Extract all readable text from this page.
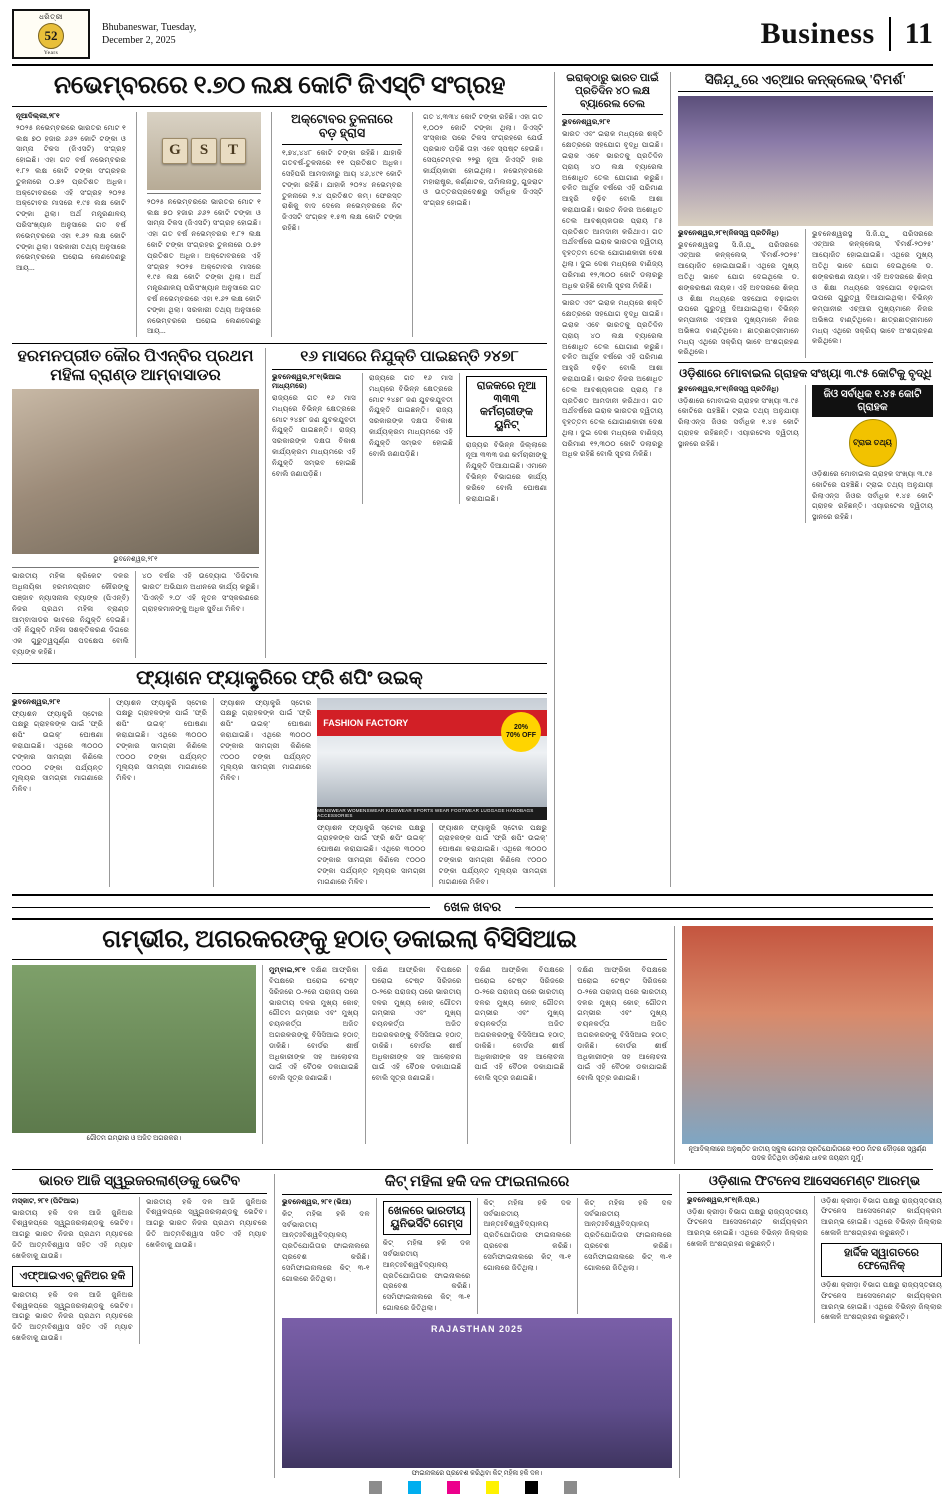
ଧରିତ୍ରୀ
52
Years
Bhubaneswar, Tuesday,
December 2, 2025	Business	11
ନଭେମ୍ବରରେ ୧.୭୦ ଲକ୍ଷ କୋଟି ଜିଏସ୍‌ଟି ସଂଗ୍ରହ
ନୂଆଦିଲ୍ଲୀ,୨୮୧
୨୦୨୫ ନଭେମ୍ବରରେ ଭାରତର ମୋଟ ୧ ଲକ୍ଷ ୭୦ ହଜାର ୬୬୨ କୋଟି ଟଙ୍କା ଓ ସାମ୍ନା ଟିକସ (ଜିଏସଟି) ସଂଗ୍ରହ ହୋଇଛି। ଏହା ଗତ ବର୍ଷ ନଭେମ୍ବରର ୧.୮୨ ଲକ୍ଷ କୋଟି ଟଙ୍କା ସଂଗ୍ରହର ତୁଳନାରେ ୦.୭୨ ପ୍ରତିଶତ ଅଧିକ। ଅକ୍ଟୋବରରେ ଏହି ସଂଗ୍ରହ ୨୦୨୫ ଅକ୍ଟୋବର ମାସରେ ୧.୯୫ ଲକ୍ଷ କୋଟି ଟଙ୍କା ଥିଲା। ଅର୍ଥ ମନ୍ତ୍ରଣାଳୟ ପରିସଂଖ୍ୟାନ ଅନୁସାରେ ଗତ ବର୍ଷ ନଭେମ୍ବରରେ ଏହା ୧.୬୨ ଲକ୍ଷ କୋଟି ଟଙ୍କା ଥିଲା। ସରକାରୀ ତଥ୍ୟ ଅନୁସାରେ ନଭେମ୍ବରରେ ଘରୋଇ ଲେଣଦେଣରୁ ଆୟ...
G	S	T
୨୦୨୫ ନଭେମ୍ବରରେ ଭାରତର ମୋଟ ୧ ଲକ୍ଷ ୭୦ ହଜାର ୬୬୨ କୋଟି ଟଙ୍କା ଓ ସାମ୍ନା ଟିକସ (ଜିଏସଟି) ସଂଗ୍ରହ ହୋଇଛି। ଏହା ଗତ ବର୍ଷ ନଭେମ୍ବରର ୧.୮୨ ଲକ୍ଷ କୋଟି ଟଙ୍କା ସଂଗ୍ରହର ତୁଳନାରେ ୦.୭୨ ପ୍ରତିଶତ ଅଧିକ। ଅକ୍ଟୋବରରେ ଏହି ସଂଗ୍ରହ ୨୦୨୫ ଅକ୍ଟୋବର ମାସରେ ୧.୯୫ ଲକ୍ଷ କୋଟି ଟଙ୍କା ଥିଲା। ଅର୍ଥ ମନ୍ତ୍ରଣାଳୟ ପରିସଂଖ୍ୟାନ ଅନୁସାରେ ଗତ ବର୍ଷ ନଭେମ୍ବରରେ ଏହା ୧.୬୨ ଲକ୍ଷ କୋଟି ଟଙ୍କା ଥିଲା। ସରକାରୀ ତଥ୍ୟ ଅନୁସାରେ ନଭେମ୍ବରରେ ଘରୋଇ ଲେଣଦେଣରୁ ଆୟ...
ଅକ୍ଟୋବର ତୁଳନାରେ ବଡ଼ ହ୍ରାସ
୧,୭୪,୪୪୮ କୋଟି ଟଙ୍କା ରହିଛି। ଯାହାକି ଗତବର୍ଷ-ତୁଳନାରେ ୧୧ ପ୍ରତିଶତ ଅଧିକ। ସେହିପରି ଆମଦାନୀରୁ ଆୟ ୪୬,୪୯୧ କୋଟି ଟଙ୍କା ରହିଛି। ଯାହାକି ୨୦୨୪ ନଭେମ୍ବର ତୁଳନାରେ ୨.୪ ପ୍ରତିଶତ କମ୍‌। ଫେରସ୍ତ ରାଶିକୁ ବାଦ ଦେଲେ ନଭେମ୍ବରରେ ନିଟ ଜିଏସଟି ସଂଗ୍ରହ ୧.୫୩ ଲକ୍ଷ କୋଟି ଟଙ୍କା ରହିଛି।
ଗତ ୪,୩୩୪ କୋଟି ଟଙ୍କା ରହିଛି। ଏହା ଗତ ୧,୦୦୨ କୋଟି ଟଙ୍କା ଥିଲା। ଜିଏସ୍‌ଟି ସଂସ୍କାର ପରେ ଟିକସ ସଂଗ୍ରହରେ ଯେଉଁ ପ୍ରଭାବ ପଡ଼ିଛି ତାହା ଏବେ ସ୍ପଷ୍ଟ ହେଉଛି। ସେପ୍ଟେମ୍ବର ୨୨ରୁ ନୂଆ ଜିଏସ୍‌ଟି ହାର କାର୍ଯ୍ୟକାରୀ ହୋଇଥିଲା। ନଭେମ୍ବରରେ ମହାରାଷ୍ଟ୍ର, କର୍ଣ୍ଣାଟକ, ତାମିଲନାଡୁ, ଗୁଜରାଟ ଓ ଉତ୍ତରପ୍ରଦେଶରୁ ସର୍ବାଧିକ ଜିଏସ୍‌ଟି ସଂଗ୍ରହ ହୋଇଛି।
ହରମନପ୍ରୀତ କୌର ପିଏନ୍‌ବିର ପ୍ରଥମ ମହିଳା ବ୍ରାଣ୍ଡ ଆମ୍ବାସାଡର
ଭୁବନେଶ୍ୱର,୨୮୧
ଭାରତୀୟ ମହିଳା କ୍ରିକେଟ ଦଳର ଅଧିନାୟିକା ହରମନପ୍ରୀତ କୌରଙ୍କୁ ପଞ୍ଜାବ ନ୍ୟାସନାଲ ବ୍ୟାଙ୍କ (ପିଏନ୍‌ବି) ନିଜର ପ୍ରଥମ ମହିଳା ବ୍ରାଣ୍ଡ ଆମ୍ବାସାଡର ଭାବରେ ନିଯୁକ୍ତି ଦେଇଛି। ଏହି ନିଯୁକ୍ତି ମହିଳା ସଶକ୍ତିକରଣ ଦିଗରେ ଏକ ଗୁରୁତ୍ୱପୂର୍ଣ୍ଣ ପଦକ୍ଷେପ ବୋଲି ବ୍ୟାଙ୍କ କହିଛି।
୪୦ ବର୍ଷର ଏହି ଉଦ୍ୟୋଗ 'ଡିଜିଟାଲ ଭାରତ' ଅଭିଯାନ ଅଧୀନରେ କାର୍ଯ୍ୟ କରୁଛି। 'ପିଏନ୍‌ବି ୨.୦' ଏହି ନୂତନ ସଂସ୍କରଣରେ ଗ୍ରାହକମାନଙ୍କୁ ଅଧିକ ସୁବିଧା ମିଳିବ।
୧୬ ମାସରେ ନିଯୁକ୍ତି ପାଇଛନ୍ତି ୨୪୭୮
ଭୁବନେଶ୍ୱର,୨୮୧(ଭିଆଇ ମାଧ୍ୟମରେ)
ରାଜ୍ୟରେ ଗତ ୧୬ ମାସ ମଧ୍ୟରେ ବିଭିନ୍ନ କ୍ଷେତ୍ରରେ ମୋଟ ୨୪୭୮ ଜଣ ଯୁବକଯୁବତୀ ନିଯୁକ୍ତି ପାଇଛନ୍ତି। ରାଜ୍ୟ ସରକାରଙ୍କ ଦକ୍ଷତା ବିକାଶ କାର୍ଯ୍ୟକ୍ରମ ମାଧ୍ୟମରେ ଏହି ନିଯୁକ୍ତି ସମ୍ଭବ ହୋଇଛି ବୋଲି ଜଣାପଡ଼ିଛି।
ରାଜ୍ୟରେ ଗତ ୧୬ ମାସ ମଧ୍ୟରେ ବିଭିନ୍ନ କ୍ଷେତ୍ରରେ ମୋଟ ୨୪୭୮ ଜଣ ଯୁବକଯୁବତୀ ନିଯୁକ୍ତି ପାଇଛନ୍ତି। ରାଜ୍ୟ ସରକାରଙ୍କ ଦକ୍ଷତା ବିକାଶ କାର୍ଯ୍ୟକ୍ରମ ମାଧ୍ୟମରେ ଏହି ନିଯୁକ୍ତି ସମ୍ଭବ ହୋଇଛି ବୋଲି ଜଣାପଡ଼ିଛି।
ରାଜକରେ ନୂଆ ୩୩୩ କର୍ମଚାରୀଙ୍କ ୟୁନିଟ୍‌
ରାଜ୍ୟର ବିଭିନ୍ନ ଜିଲ୍ଲାରେ ନୂଆ ୩୩୩ ଜଣ କର୍ମଚାରୀଙ୍କୁ ନିଯୁକ୍ତି ଦିଆଯାଇଛି। ଏମାନେ ବିଭିନ୍ନ ବିଭାଗରେ କାର୍ଯ୍ୟ କରିବେ ବୋଲି ଘୋଷଣା କରାଯାଇଛି।
ଫ୍ୟାଶନ ଫ୍ୟାକ୍ଟ୍ରିରେ ଫ୍ରି ଶପିଂ ଉଇକ୍‌
ଭୁବନେଶ୍ୱର,୨୮୧
ଫ୍ୟାଶନ ଫ୍ୟାକ୍ଟ୍ରି ସ୍ଟୋର ପକ୍ଷରୁ ଗ୍ରାହକଙ୍କ ପାଇଁ 'ଫ୍ରି ଶପିଂ ଉଇକ୍‌' ଘୋଷଣା କରାଯାଇଛି। ଏଥିରେ ୩୦୦୦ ଟଙ୍କାର ସାମଗ୍ରୀ କିଣିଲେ ୯୦୦୦ ଟଙ୍କା ପର୍ଯ୍ୟନ୍ତ ମୂଲ୍ୟର ସାମଗ୍ରୀ ମାଗଣାରେ ମିଳିବ।
ଫ୍ୟାଶନ ଫ୍ୟାକ୍ଟ୍ରି ସ୍ଟୋର ପକ୍ଷରୁ ଗ୍ରାହକଙ୍କ ପାଇଁ 'ଫ୍ରି ଶପିଂ ଉଇକ୍‌' ଘୋଷଣା କରାଯାଇଛି। ଏଥିରେ ୩୦୦୦ ଟଙ୍କାର ସାମଗ୍ରୀ କିଣିଲେ ୯୦୦୦ ଟଙ୍କା ପର୍ଯ୍ୟନ୍ତ ମୂଲ୍ୟର ସାମଗ୍ରୀ ମାଗଣାରେ ମିଳିବ।
ଫ୍ୟାଶନ ଫ୍ୟାକ୍ଟ୍ରି ସ୍ଟୋର ପକ୍ଷରୁ ଗ୍ରାହକଙ୍କ ପାଇଁ 'ଫ୍ରି ଶପିଂ ଉଇକ୍‌' ଘୋଷଣା କରାଯାଇଛି। ଏଥିରେ ୩୦୦୦ ଟଙ୍କାର ସାମଗ୍ରୀ କିଣିଲେ ୯୦୦୦ ଟଙ୍କା ପର୍ଯ୍ୟନ୍ତ ମୂଲ୍ୟର ସାମଗ୍ରୀ ମାଗଣାରେ ମିଳିବ।
FASHION FACTORY
20%
70% OFF
MENSWEAR WOMENSWEAR KIDSWEAR SPORTS WEAR FOOTWEAR LUGGAGE HANDBAGS ACCESSORIES
ଫ୍ୟାଶନ ଫ୍ୟାକ୍ଟ୍ରି ସ୍ଟୋର ପକ୍ଷରୁ ଗ୍ରାହକଙ୍କ ପାଇଁ 'ଫ୍ରି ଶପିଂ ଉଇକ୍‌' ଘୋଷଣା କରାଯାଇଛି। ଏଥିରେ ୩୦୦୦ ଟଙ୍କାର ସାମଗ୍ରୀ କିଣିଲେ ୯୦୦୦ ଟଙ୍କା ପର୍ଯ୍ୟନ୍ତ ମୂଲ୍ୟର ସାମଗ୍ରୀ ମାଗଣାରେ ମିଳିବ।
ଫ୍ୟାଶନ ଫ୍ୟାକ୍ଟ୍ରି ସ୍ଟୋର ପକ୍ଷରୁ ଗ୍ରାହକଙ୍କ ପାଇଁ 'ଫ୍ରି ଶପିଂ ଉଇକ୍‌' ଘୋଷଣା କରାଯାଇଛି। ଏଥିରେ ୩୦୦୦ ଟଙ୍କାର ସାମଗ୍ରୀ କିଣିଲେ ୯୦୦୦ ଟଙ୍କା ପର୍ଯ୍ୟନ୍ତ ମୂଲ୍ୟର ସାମଗ୍ରୀ ମାଗଣାରେ ମିଳିବ।
ଇରାକ୍‌ଠାରୁ ଭାରତ ପାଇଁ ପ୍ରତିଦିନ ୪୦ ଲକ୍ଷ ବ୍ୟାରେଲ ତେଲ
ଭୁବନେଶ୍ୱର,୨୮୧
ଭାରତ ଏବଂ ଇରାକ ମଧ୍ୟରେ ଶକ୍ତି କ୍ଷେତ୍ରରେ ସହଯୋଗ ବୃଦ୍ଧି ପାଇଛି। ଇରାକ ଏବେ ଭାରତକୁ ପ୍ରତିଦିନ ପ୍ରାୟ ୪୦ ଲକ୍ଷ ବ୍ୟାରେଲ ଅଶୋଧିତ ତେଲ ଯୋଗାଣ କରୁଛି। ଚଳିତ ଆର୍ଥିକ ବର୍ଷରେ ଏହି ପରିମାଣ ଆହୁରି ବଢ଼ିବ ବୋଲି ଆଶା କରାଯାଉଛି। ଭାରତ ନିଜର ଅଶୋଧିତ ତେଲ ଆବଶ୍ୟକତାର ପ୍ରାୟ ୮୫ ପ୍ରତିଶତ ଆମଦାନୀ କରିଥାଏ। ଗତ ଅର୍ଥବର୍ଷରେ ଇରାକ ଭାରତର ଦ୍ୱିତୀୟ ବୃହତ୍ତମ ତେଲ ଯୋଗାଣକାରୀ ଦେଶ ଥିଲା। ଦୁଇ ଦେଶ ମଧ୍ୟରେ ବାଣିଜ୍ୟ ପରିମାଣ ୧୨,୩୦୦ କୋଟି ଡଲାରରୁ ଅଧିକ ରହିଛି ବୋଲି ସୂଚନା ମିଳିଛି।
ଭାରତ ଏବଂ ଇରାକ ମଧ୍ୟରେ ଶକ୍ତି କ୍ଷେତ୍ରରେ ସହଯୋଗ ବୃଦ୍ଧି ପାଇଛି। ଇରାକ ଏବେ ଭାରତକୁ ପ୍ରତିଦିନ ପ୍ରାୟ ୪୦ ଲକ୍ଷ ବ୍ୟାରେଲ ଅଶୋଧିତ ତେଲ ଯୋଗାଣ କରୁଛି। ଚଳିତ ଆର୍ଥିକ ବର୍ଷରେ ଏହି ପରିମାଣ ଆହୁରି ବଢ଼ିବ ବୋଲି ଆଶା କରାଯାଉଛି। ଭାରତ ନିଜର ଅଶୋଧିତ ତେଲ ଆବଶ୍ୟକତାର ପ୍ରାୟ ୮୫ ପ୍ରତିଶତ ଆମଦାନୀ କରିଥାଏ। ଗତ ଅର୍ଥବର୍ଷରେ ଇରାକ ଭାରତର ଦ୍ୱିତୀୟ ବୃହତ୍ତମ ତେଲ ଯୋଗାଣକାରୀ ଦେଶ ଥିଲା। ଦୁଇ ଦେଶ ମଧ୍ୟରେ ବାଣିଜ୍ୟ ପରିମାଣ ୧୨,୩୦୦ କୋଟି ଡଲାରରୁ ଅଧିକ ରହିଛି ବୋଲି ସୂଚନା ମିଳିଛି।
ସିଜିଯ଼ୁରେ ଏଚ୍‌ଆର କନ୍‌କ୍ଲେଭ୍‌ 'ବିମର୍ଶ'
ଭୁବନେଶ୍ୱର,୨୮୧(ନିଜସ୍ୱ ପ୍ରତିନିଧି)
ଭୁବନେଶ୍ୱରସ୍ଥ ସି.ଜି.ଯ଼ୁ ପରିସରରେ ଏଚ୍‌ଆର କନ୍‌କ୍ଲେଭ୍‌ 'ବିମର୍ଶ-୨୦୨୫' ଆୟୋଜିତ ହୋଇଯାଇଛି। ଏଥିରେ ମୁଖ୍ୟ ଅତିଥି ଭାବେ ଯୋଗ ଦେଇଥିଲେ ଡ. ଶଙ୍କରଷଣ ନାୟକ। ଏହି ଅବସରରେ ଶିଳ୍ପ ଓ ଶିକ୍ଷା ମଧ୍ୟରେ ସହଯୋଗ ବଢ଼ାଇବା ଉପରେ ଗୁରୁତ୍ୱ ଦିଆଯାଇଥିଲା। ବିଭିନ୍ନ କମ୍ପାନୀର ଏଚ୍‌ଆର ମୁଖ୍ୟମାନେ ନିଜର ଅଭିଜ୍ଞତା ବାଣ୍ଟିଥିଲେ। ଛାତ୍ରଛାତ୍ରୀମାନେ ମଧ୍ୟ ଏଥିରେ ସକ୍ରିୟ ଭାବେ ଅଂଶଗ୍ରହଣ କରିଥିଲେ।
ଭୁବନେଶ୍ୱରସ୍ଥ ସି.ଜି.ଯ଼ୁ ପରିସରରେ ଏଚ୍‌ଆର କନ୍‌କ୍ଲେଭ୍‌ 'ବିମର୍ଶ-୨୦୨୫' ଆୟୋଜିତ ହୋଇଯାଇଛି। ଏଥିରେ ମୁଖ୍ୟ ଅତିଥି ଭାବେ ଯୋଗ ଦେଇଥିଲେ ଡ. ଶଙ୍କରଷଣ ନାୟକ। ଏହି ଅବସରରେ ଶିଳ୍ପ ଓ ଶିକ୍ଷା ମଧ୍ୟରେ ସହଯୋଗ ବଢ଼ାଇବା ଉପରେ ଗୁରୁତ୍ୱ ଦିଆଯାଇଥିଲା। ବିଭିନ୍ନ କମ୍ପାନୀର ଏଚ୍‌ଆର ମୁଖ୍ୟମାନେ ନିଜର ଅଭିଜ୍ଞତା ବାଣ୍ଟିଥିଲେ। ଛାତ୍ରଛାତ୍ରୀମାନେ ମଧ୍ୟ ଏଥିରେ ସକ୍ରିୟ ଭାବେ ଅଂଶଗ୍ରହଣ କରିଥିଲେ।
ଓଡ଼ିଶାରେ ମୋବାଇଲ ଗ୍ରାହକ ସଂଖ୍ୟା ୩.୯୫ କୋଟିକୁ ବୃଦ୍ଧି
ଭୁବନେଶ୍ୱର,୨୮୧(ନିଜସ୍ୱ ପ୍ରତିନିଧି)
ଓଡ଼ିଶାରେ ମୋବାଇଲ ଗ୍ରାହକ ସଂଖ୍ୟା ୩.୯୫ କୋଟିରେ ପହଞ୍ଚିଛି। ଟ୍ରାଇ ତଥ୍ୟ ଅନୁଯାୟୀ ରିଲାଏନ୍ସ ଜିଓର ସର୍ବାଧିକ ୧.୪୫ କୋଟି ଗ୍ରାହକ ରହିଛନ୍ତି। ଏୟାରଟେଲ ଦ୍ୱିତୀୟ ସ୍ଥାନରେ ରହିଛି।
ଜିଓ ସର୍ବାଧିକ ୧.୪୫ କୋଟି ଗ୍ରାହକ
ଟ୍ରାଇ ତଥ୍ୟ
ଓଡ଼ିଶାରେ ମୋବାଇଲ ଗ୍ରାହକ ସଂଖ୍ୟା ୩.୯୫ କୋଟିରେ ପହଞ୍ଚିଛି। ଟ୍ରାଇ ତଥ୍ୟ ଅନୁଯାୟୀ ରିଲାଏନ୍ସ ଜିଓର ସର୍ବାଧିକ ୧.୪୫ କୋଟି ଗ୍ରାହକ ରହିଛନ୍ତି। ଏୟାରଟେଲ ଦ୍ୱିତୀୟ ସ୍ଥାନରେ ରହିଛି।
ଖେଳ ଖବର
ଗମ୍ଭୀର, ଅଗରକରଙ୍କୁ ହଠାତ୍‌ ଡକାଇଲା ବିସିସିଆଇ
ଗୌତମ ଗମ୍ଭୀର ଓ ଅଜିତ ଅଗରକର।
ମୁମ୍ବାଇ,୨୮୧ ଦକ୍ଷିଣ ଆଫ୍ରିକା ବିପକ୍ଷରେ ଘରୋଇ ଟେଷ୍ଟ ସିରିଜରେ ୦-୨ରେ ପରାଜୟ ପରେ ଭାରତୀୟ ଦଳର ମୁଖ୍ୟ କୋଚ୍ ଗୌତମ ଗମ୍ଭୀର ଏବଂ ମୁଖ୍ୟ ଚୟନକର୍ତ୍ତା ଅଜିତ ଅଗରକରଙ୍କୁ ବିସିସିଆଇ ହଠାତ୍‌ ଡାକିଛି। ବୋର୍ଡର ଶୀର୍ଷ ଅଧିକାରୀଙ୍କ ସହ ଆଲୋଚନା ପାଇଁ ଏହି ବୈଠକ ଡକାଯାଇଛି ବୋଲି ସୂତ୍ର ଜଣାଇଛି।
ଦକ୍ଷିଣ ଆଫ୍ରିକା ବିପକ୍ଷରେ ଘରୋଇ ଟେଷ୍ଟ ସିରିଜରେ ୦-୨ରେ ପରାଜୟ ପରେ ଭାରତୀୟ ଦଳର ମୁଖ୍ୟ କୋଚ୍ ଗୌତମ ଗମ୍ଭୀର ଏବଂ ମୁଖ୍ୟ ଚୟନକର୍ତ୍ତା ଅଜିତ ଅଗରକରଙ୍କୁ ବିସିସିଆଇ ହଠାତ୍‌ ଡାକିଛି। ବୋର୍ଡର ଶୀର୍ଷ ଅଧିକାରୀଙ୍କ ସହ ଆଲୋଚନା ପାଇଁ ଏହି ବୈଠକ ଡକାଯାଇଛି ବୋଲି ସୂତ୍ର ଜଣାଇଛି।
ଦକ୍ଷିଣ ଆଫ୍ରିକା ବିପକ୍ଷରେ ଘରୋଇ ଟେଷ୍ଟ ସିରିଜରେ ୦-୨ରେ ପରାଜୟ ପରେ ଭାରତୀୟ ଦଳର ମୁଖ୍ୟ କୋଚ୍ ଗୌତମ ଗମ୍ଭୀର ଏବଂ ମୁଖ୍ୟ ଚୟନକର୍ତ୍ତା ଅଜିତ ଅଗରକରଙ୍କୁ ବିସିସିଆଇ ହଠାତ୍‌ ଡାକିଛି। ବୋର୍ଡର ଶୀର୍ଷ ଅଧିକାରୀଙ୍କ ସହ ଆଲୋଚନା ପାଇଁ ଏହି ବୈଠକ ଡକାଯାଇଛି ବୋଲି ସୂତ୍ର ଜଣାଇଛି।
ଦକ୍ଷିଣ ଆଫ୍ରିକା ବିପକ୍ଷରେ ଘରୋଇ ଟେଷ୍ଟ ସିରିଜରେ ୦-୨ରେ ପରାଜୟ ପରେ ଭାରତୀୟ ଦଳର ମୁଖ୍ୟ କୋଚ୍ ଗୌତମ ଗମ୍ଭୀର ଏବଂ ମୁଖ୍ୟ ଚୟନକର୍ତ୍ତା ଅଜିତ ଅଗରକରଙ୍କୁ ବିସିସିଆଇ ହଠାତ୍‌ ଡାକିଛି। ବୋର୍ଡର ଶୀର୍ଷ ଅଧିକାରୀଙ୍କ ସହ ଆଲୋଚନା ପାଇଁ ଏହି ବୈଠକ ଡକାଯାଇଛି ବୋଲି ସୂତ୍ର ଜଣାଇଛି।
ନୂଆଦିଲ୍ଲୀରେ ଅନୁଷ୍ଠିତ ଜାତୀୟ ସ୍କୁଲ ଗେମ୍ସ ପ୍ରତିଯୋଗିତାରେ ୧୦୦ ମିଟର ଦୌଡ଼ରେ ସ୍ୱର୍ଣ୍ଣ ପଦକ ଜିତିଥିବା ଓଡ଼ିଶାର ଧାବକ ଜୟରାମ ମୁର୍ମୁ।
ଭାରତ ଆଜି ସ୍ୱୁଇଜରଲାଣ୍ଡକୁ ଭେଟିବ
ମସ୍କାଟ, ୨୮୧ (ପିଟିଆଇ)
ଭାରତୀୟ ହକି ଦଳ ଆଜି ଜୁନିଅର ବିଶ୍ୱକପ୍‌ରେ ସ୍ୱୁଇଜରଲାଣ୍ଡକୁ ଭେଟିବ। ଆଗରୁ ଭାରତ ନିଜର ପ୍ରଥମ ମ୍ୟାଚରେ ଜିତି ଆତ୍ମବିଶ୍ୱାସ ସହିତ ଏହି ମ୍ୟାଚ ଖେଳିବାକୁ ଯାଉଛି।
ଏଫ୍‌ଆଇଏଚ୍‌ ଜୁନିଅର ହକି
ଭାରତୀୟ ହକି ଦଳ ଆଜି ଜୁନିଅର ବିଶ୍ୱକପ୍‌ରେ ସ୍ୱୁଇଜରଲାଣ୍ଡକୁ ଭେଟିବ। ଆଗରୁ ଭାରତ ନିଜର ପ୍ରଥମ ମ୍ୟାଚରେ ଜିତି ଆତ୍ମବିଶ୍ୱାସ ସହିତ ଏହି ମ୍ୟାଚ ଖେଳିବାକୁ ଯାଉଛି।
ଭାରତୀୟ ହକି ଦଳ ଆଜି ଜୁନିଅର ବିଶ୍ୱକପ୍‌ରେ ସ୍ୱୁଇଜରଲାଣ୍ଡକୁ ଭେଟିବ। ଆଗରୁ ଭାରତ ନିଜର ପ୍ରଥମ ମ୍ୟାଚରେ ଜିତି ଆତ୍ମବିଶ୍ୱାସ ସହିତ ଏହି ମ୍ୟାଚ ଖେଳିବାକୁ ଯାଉଛି।
କିଟ୍ ମହିଳା ହକି ଦଳ ଫାଇନାଲରେ
ଭୁବନେଶ୍ୱର, ୨୮୧ (ଭିଆ)
କିଟ୍‌ ମହିଳା ହକି ଦଳ ସର୍ବଭାରତୀୟ ଆନ୍ତଃବିଶ୍ୱବିଦ୍ୟାଳୟ ପ୍ରତିଯୋଗିତାର ଫାଇନାଲରେ ପ୍ରବେଶ କରିଛି। ସେମିଫାଇନାଲରେ କିଟ୍‌ ୩-୧ ଗୋଲରେ ଜିତିଥିଲା।
ଖେଳରେ ଭାରତୀୟ ୟୁନିଭର୍ସିଟି ଗେମ୍ସ
କିଟ୍‌ ମହିଳା ହକି ଦଳ ସର୍ବଭାରତୀୟ ଆନ୍ତଃବିଶ୍ୱବିଦ୍ୟାଳୟ ପ୍ରତିଯୋଗିତାର ଫାଇନାଲରେ ପ୍ରବେଶ କରିଛି। ସେମିଫାଇନାଲରେ କିଟ୍‌ ୩-୧ ଗୋଲରେ ଜିତିଥିଲା।
କିଟ୍‌ ମହିଳା ହକି ଦଳ ସର୍ବଭାରତୀୟ ଆନ୍ତଃବିଶ୍ୱବିଦ୍ୟାଳୟ ପ୍ରତିଯୋଗିତାର ଫାଇନାଲରେ ପ୍ରବେଶ କରିଛି। ସେମିଫାଇନାଲରେ କିଟ୍‌ ୩-୧ ଗୋଲରେ ଜିତିଥିଲା।
କିଟ୍‌ ମହିଳା ହକି ଦଳ ସର୍ବଭାରତୀୟ ଆନ୍ତଃବିଶ୍ୱବିଦ୍ୟାଳୟ ପ୍ରତିଯୋଗିତାର ଫାଇନାଲରେ ପ୍ରବେଶ କରିଛି। ସେମିଫାଇନାଲରେ କିଟ୍‌ ୩-୧ ଗୋଲରେ ଜିତିଥିଲା।
RAJASTHAN 2025
ଫାଇନାଲରେ ପ୍ରବେଶ କରିଥିବା କିଟ୍‌ ମହିଳା ହକି ଦଳ।
ଓଡ଼ିଶାଲ ଫିଟନେସ ଆସେସମେଣ୍ଟ ଆରମ୍ଭ
ଭୁବନେଶ୍ୱର,୨୮୧(ନି.ପ୍ର.)
ଓଡ଼ିଶା କ୍ରୀଡ଼ା ବିଭାଗ ପକ୍ଷରୁ ରାଜ୍ୟସ୍ତରୀୟ ଫିଟନେସ ଆସେସମେଣ୍ଟ କାର୍ଯ୍ୟକ୍ରମ ଆରମ୍ଭ ହୋଇଛି। ଏଥିରେ ବିଭିନ୍ନ ଜିଲ୍ଲାର ଖେଳାଳି ଅଂଶଗ୍ରହଣ କରୁଛନ୍ତି।
ଓଡ଼ିଶା କ୍ରୀଡ଼ା ବିଭାଗ ପକ୍ଷରୁ ରାଜ୍ୟସ୍ତରୀୟ ଫିଟନେସ ଆସେସମେଣ୍ଟ କାର୍ଯ୍ୟକ୍ରମ ଆରମ୍ଭ ହୋଇଛି। ଏଥିରେ ବିଭିନ୍ନ ଜିଲ୍ଲାର ଖେଳାଳି ଅଂଶଗ୍ରହଣ କରୁଛନ୍ତି।
ହାର୍ଦ୍ଦିକ ସ୍ୱାଗତରେ ଫେଲୋନିକ୍
ଓଡ଼ିଶା କ୍ରୀଡ଼ା ବିଭାଗ ପକ୍ଷରୁ ରାଜ୍ୟସ୍ତରୀୟ ଫିଟନେସ ଆସେସମେଣ୍ଟ କାର୍ଯ୍ୟକ୍ରମ ଆରମ୍ଭ ହୋଇଛି। ଏଥିରେ ବିଭିନ୍ନ ଜିଲ୍ଲାର ଖେଳାଳି ଅଂଶଗ୍ରହଣ କରୁଛନ୍ତି।
